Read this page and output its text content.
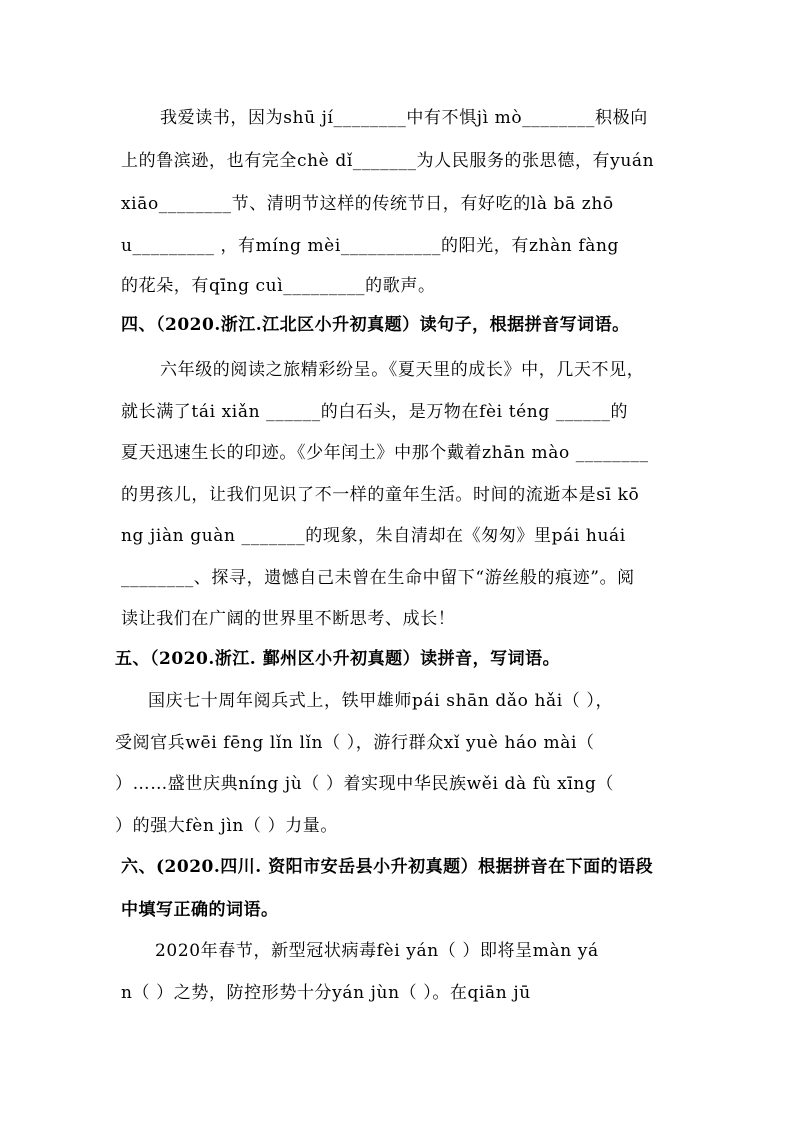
我爱读书，因为shū jí________中有不惧jì mò________积极向
上的鲁滨逊，也有完全chè dǐ_______为人民服务的张思德，有yuán
xiāo________节、清明节这样的传统节日，有好吃的là bā zhō
u_________ ，有míng mèi___________的阳光，有zhàn fàng
的花朵，有qīng cuì_________的歌声。
四、（2020.浙江.江北区小升初真题）读句子，根据拼音写词语。
六年级的阅读之旅精彩纷呈。《夏天里的成长》中，几天不见，
就长满了tái xiǎn ______的白石头，是万物在fèi téng ______的
夏天迅速生长的印迹。《少年闰土》中那个戴着zhān mào ________
的男孩儿，让我们见识了不一样的童年生活。时间的流逝本是sī kō
ng jiàn guàn _______的现象，朱自清却在《匆匆》里pái huái
________、探寻，遗憾自己未曾在生命中留下“游丝般的痕迹”。阅
读让我们在广阔的世界里不断思考、成长！
五、（2020.浙江. 鄞州区小升初真题）读拼音，写词语。
国庆七十周年阅兵式上，铁甲雄师pái shān dǎo hǎi（ ），
受阅官兵wēi fēng lǐn lǐn（ ），游行群众xǐ yuè háo mài（
）……盛世庆典níng jù（ ）着实现中华民族wěi dà fù xīng（
）的强大fèn jìn（ ）力量。
六、(2020.四川. 资阳市安岳县小升初真题）根据拼音在下面的语段
中填写正确的词语。
2020年春节，新型冠状病毒fèi yán（ ）即将呈màn yá
n（ ）之势，防控形势十分yán jùn（ ）。在qiān jū
